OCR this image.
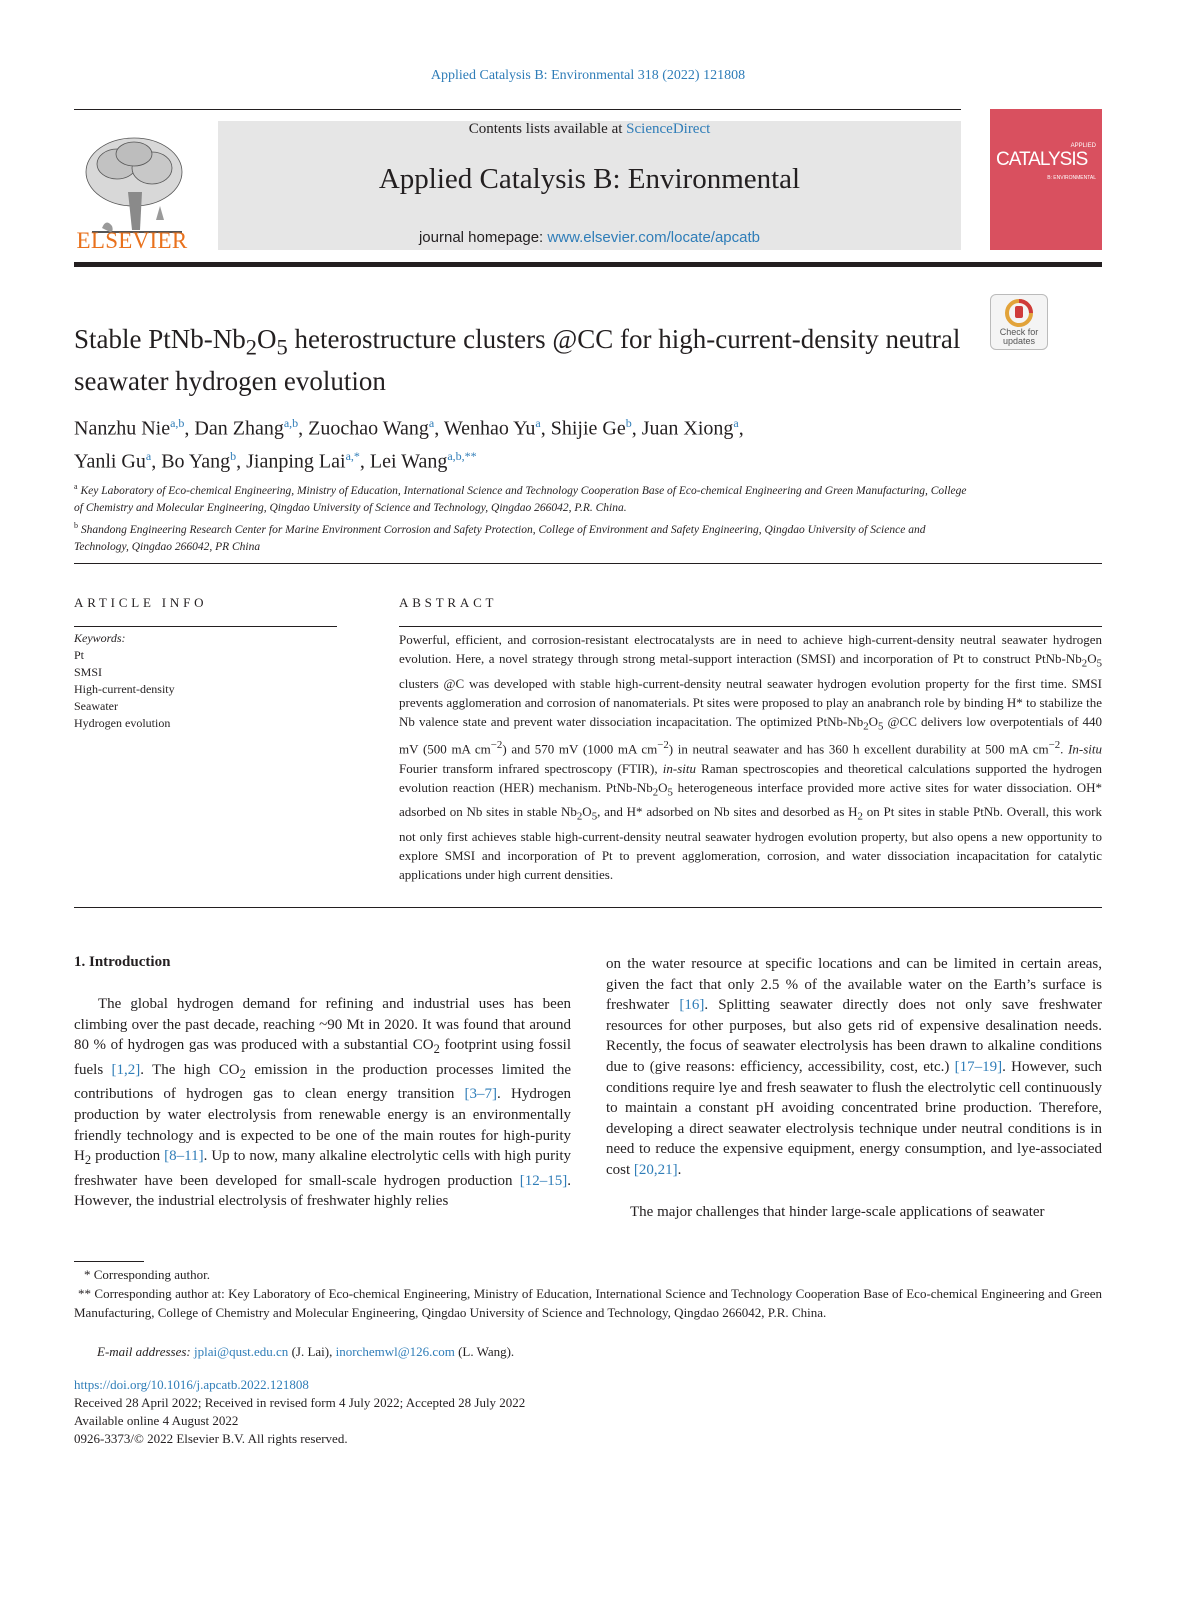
Applied Catalysis B: Environmental 318 (2022) 121808
ELSEVIER
Contents lists available at ScienceDirect
Applied Catalysis B: Environmental
journal homepage: www.elsevier.com/locate/apcatb
APPLIED
CATALYSIS
B: ENVIRONMENTAL
Check for updates
Stable PtNb-$Nb_2O_5$ heterostructure clusters @CC for high-current-density neutral seawater hydrogen evolution
Nanzhu Nie$^{a,b}$, Dan Zhang$^{a,b}$, Zuochao Wang$^a$, Wenhao Yu$^a$, Shijie Ge$^b$, Juan Xiong$^a$,
Yanli Gu$^a$, Bo Yang$^b$, Jianping Lai$^{a,*}$, Lei Wang$^{a,b,**}$
$^a$ Key Laboratory of Eco-chemical Engineering, Ministry of Education, International Science and Technology Cooperation Base of Eco-chemical Engineering and Green Manufacturing, College of Chemistry and Molecular Engineering, Qingdao University of Science and Technology, Qingdao 266042, P.R. China.
$^b$ Shandong Engineering Research Center for Marine Environment Corrosion and Safety Protection, College of Environment and Safety Engineering, Qingdao University of Science and Technology, Qingdao 266042, PR China
ARTICLE INFO
Keywords:
Pt
SMSI
High-current-density
Seawater
Hydrogen evolution
ABSTRACT
Powerful, efficient, and corrosion-resistant electrocatalysts are in need to achieve high-current-density neutral seawater hydrogen evolution. Here, a novel strategy through strong metal-support interaction (SMSI) and incorporation of Pt to construct PtNb-$Nb_2O_5$ clusters @C was developed with stable high-current-density neutral seawater hydrogen evolution property for the first time. SMSI prevents agglomeration and corrosion of nanomaterials. Pt sites were proposed to play an anabranch role by binding H* to stabilize the Nb valence state and prevent water dissociation incapacitation. The optimized PtNb-$Nb_2O_5$ @CC delivers low overpotentials of 440 mV (500 mA $cm^{-2}$) and 570 mV (1000 mA $cm^{-2}$) in neutral seawater and has 360 h excellent durability at 500 mA $cm^{-2}$. In-situ Fourier transform infrared spectroscopy (FTIR), in-situ Raman spectroscopies and theoretical calculations supported the hydrogen evolution reaction (HER) mechanism. PtNb-$Nb_2O_5$ heterogeneous interface provided more active sites for water dissociation. OH* adsorbed on Nb sites in stable $Nb_2O_5$, and H* adsorbed on Nb sites and desorbed as $H_2$ on Pt sites in stable PtNb. Overall, this work not only first achieves stable high-current-density neutral seawater hydrogen evolution property, but also opens a new opportunity to explore SMSI and incorporation of Pt to prevent agglomeration, corrosion, and water dissociation incapacitation for catalytic applications under high current densities.
1. Introduction
The global hydrogen demand for refining and industrial uses has been climbing over the past decade, reaching ~90 Mt in 2020. It was found that around 80 % of hydrogen gas was produced with a substantial $CO_2$ footprint using fossil fuels [1,2]. The high $CO_2$ emission in the production processes limited the contributions of hydrogen gas to clean energy transition [3–7]. Hydrogen production by water electrolysis from renewable energy is an environmentally friendly technology and is expected to be one of the main routes for high-purity $H_2$ production [8–11]. Up to now, many alkaline electrolytic cells with high purity freshwater have been developed for small-scale hydrogen production [12–15]. However, the industrial electrolysis of freshwater highly relies
on the water resource at specific locations and can be limited in certain areas, given the fact that only 2.5 % of the available water on the Earth’s surface is freshwater [16]. Splitting seawater directly does not only save freshwater resources for other purposes, but also gets rid of expensive desalination needs. Recently, the focus of seawater electrolysis has been drawn to alkaline conditions due to (give reasons: efficiency, accessibility, cost, etc.) [17–19]. However, such conditions require lye and fresh seawater to flush the electrolytic cell continuously to maintain a constant pH avoiding concentrated brine production. Therefore, developing a direct seawater electrolysis technique under neutral conditions is in need to reduce the expensive equipment, energy consumption, and lye-associated cost [20,21].
The major challenges that hinder large-scale applications of seawater
* Corresponding author.
** Corresponding author at: Key Laboratory of Eco-chemical Engineering, Ministry of Education, International Science and Technology Cooperation Base of Eco-chemical Engineering and Green Manufacturing, College of Chemistry and Molecular Engineering, Qingdao University of Science and Technology, Qingdao 266042, P.R. China.
E-mail addresses: jplai@qust.edu.cn (J. Lai), inorchemwl@126.com (L. Wang).
https://doi.org/10.1016/j.apcatb.2022.121808
Received 28 April 2022; Received in revised form 4 July 2022; Accepted 28 July 2022
Available online 4 August 2022
0926-3373/© 2022 Elsevier B.V. All rights reserved.
